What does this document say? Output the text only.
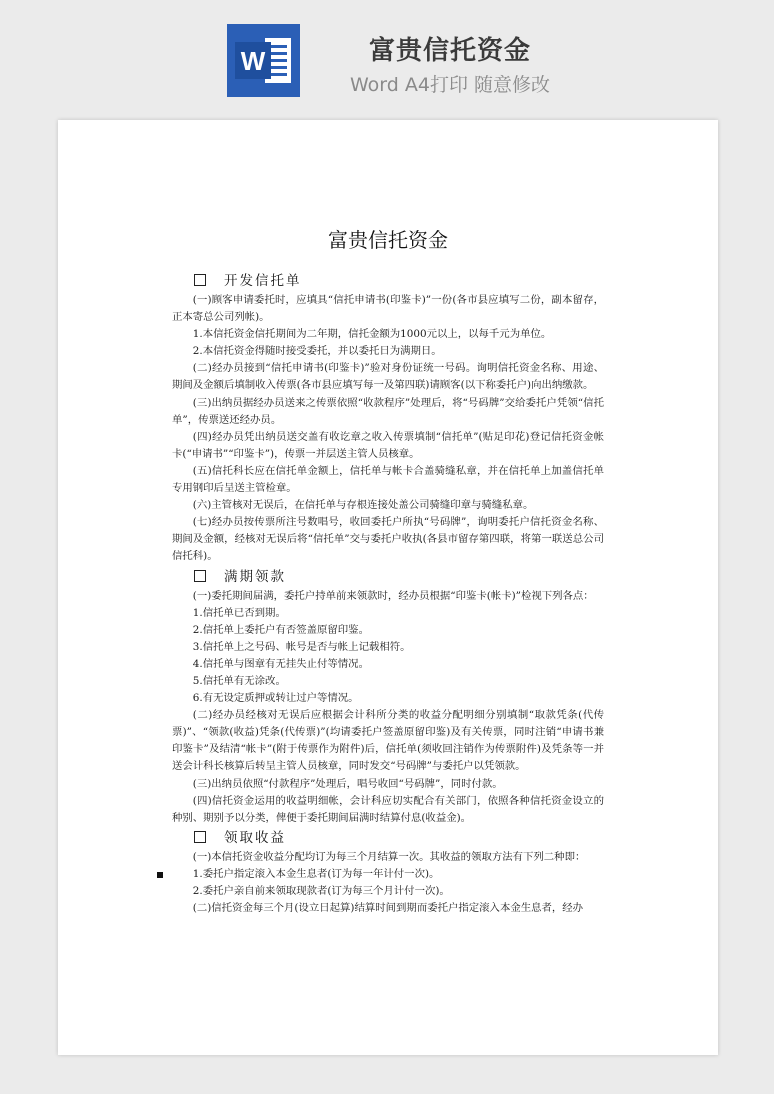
W	富贵信托资金
Word A4打印 随意修改
富贵信托资金

开发信托单

(一)顾客申请委托时，应填具“信托申请书(印鉴卡)”一份(各市县应填写二份，副本留存，正本寄总公司列帐)。

1.本信托资金信托期间为二年期，信托金额为1000元以上，以每千元为单位。

2.本信托资金得随时接受委托，并以委托日为满期日。

(二)经办员接到“信托申请书(印鉴卡)”验对身份证统一号码。询明信托资金名称、用途、期间及金额后填制收入传票(各市县应填写每一及第四联)请顾客(以下称委托户)向出纳缴款。

(三)出纳员据经办员送来之传票依照“收款程序”处理后，将“号码牌”交给委托户凭领“信托单”，传票送还经办员。

(四)经办员凭出纳员送交盖有收讫章之收入传票填制“信托单”(贴足印花)登记信托资金帐卡(“申请书”“印鉴卡”)，传票一并层送主管人员核章。

(五)信托科长应在信托单金额上，信托单与帐卡合盖骑缝私章，并在信托单上加盖信托单专用钢印后呈送主管检章。

(六)主管核对无误后，在信托单与存根连接处盖公司骑缝印章与骑缝私章。

(七)经办员按传票所注号数唱号，收回委托户所执“号码牌”，询明委托户信托资金名称、期间及金额，经核对无误后将“信托单”交与委托户收执(各县市留存第四联，将第一联送总公司信托科)。

满期领款

(一)委托期间届满，委托户持单前来领款时，经办员根据“印鉴卡(帐卡)”检视下列各点：

1.信托单已否到期。

2.信托单上委托户有否签盖原留印鉴。

3.信托单上之号码、帐号是否与帐上记载相符。

4.信托单与图章有无挂失止付等情况。

5.信托单有无涂改。

6.有无设定质押或转让过户等情况。

(二)经办员经核对无误后应根据会计科所分类的收益分配明细分别填制“取款凭条(代传票)”、“领款(收益)凭条(代传票)”(均请委托户签盖原留印鉴)及有关传票，同时注销“申请书兼印鉴卡”及结清“帐卡”(附于传票作为附件)后，信托单(须收回注销作为传票附件)及凭条等一并送会计科长核算后转呈主管人员核章，同时发交“号码牌”与委托户以凭领款。

(三)出纳员依照“付款程序”处理后，唱号收回“号码牌”，同时付款。

(四)信托资金运用的收益明细帐，会计科应切实配合有关部门，依照各种信托资金设立的种别、期别予以分类，俾便于委托期间届满时结算付息(收益金)。

领取收益

(一)本信托资金收益分配均订为每三个月结算一次。其收益的领取方法有下列二种即：

1.委托户指定滚入本金生息者(订为每一年计付一次)。

2.委托户亲自前来领取现款者(订为每三个月计付一次)。

(二)信托资金每三个月(设立日起算)结算时间到期而委托户指定滚入本金生息者，经办
